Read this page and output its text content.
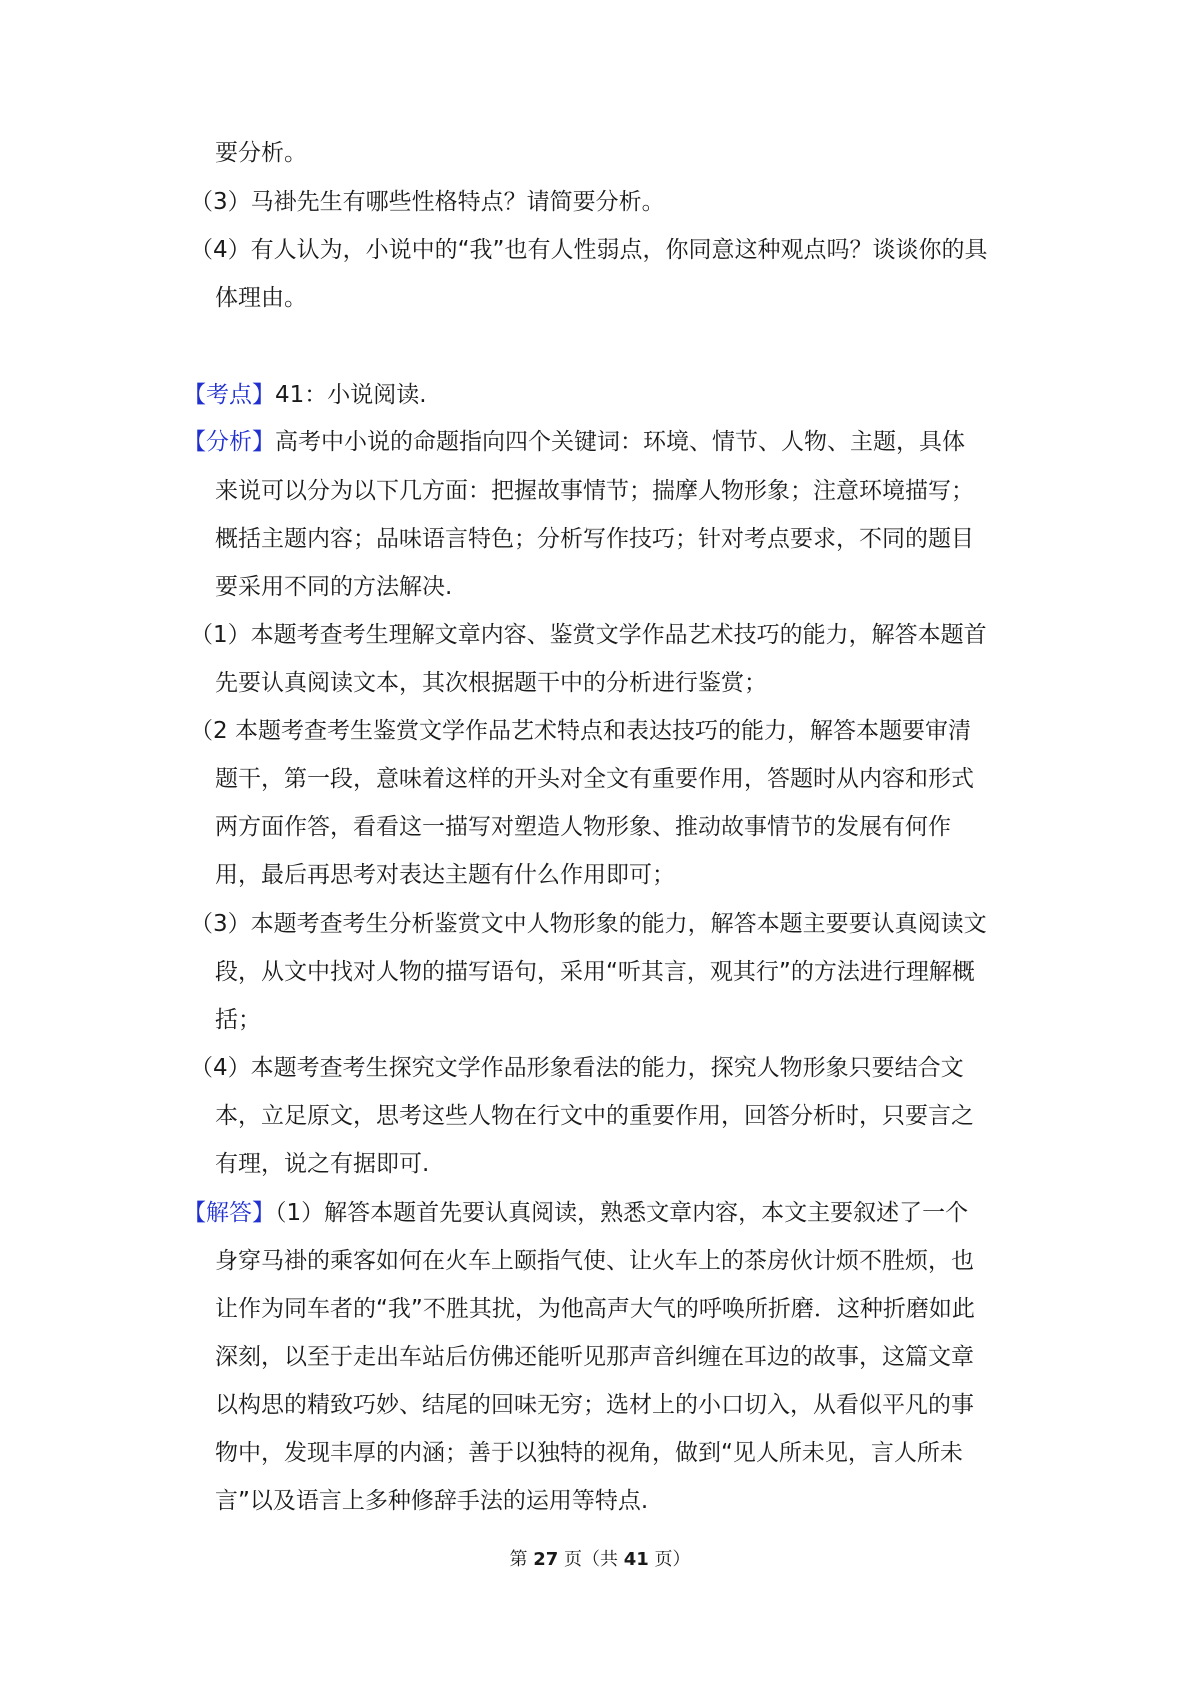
要分析。
（3）马褂先生有哪些性格特点？请简要分析。
（4）有人认为，小说中的“我”也有人性弱点，你同意这种观点吗？谈谈你的具
体理由。
【考点】41：小说阅读.
【分析】高考中小说的命题指向四个关键词：环境、情节、人物、主题，具体
来说可以分为以下几方面：把握故事情节；揣摩人物形象；注意环境描写；
概括主题内容；品味语言特色；分析写作技巧；针对考点要求，不同的题目
要采用不同的方法解决.
（1）本题考查考生理解文章内容、鉴赏文学作品艺术技巧的能力，解答本题首
先要认真阅读文本，其次根据题干中的分析进行鉴赏；
（2 本题考查考生鉴赏文学作品艺术特点和表达技巧的能力，解答本题要审清
题干，第一段，意味着这样的开头对全文有重要作用，答题时从内容和形式
两方面作答，看看这一描写对塑造人物形象、推动故事情节的发展有何作
用，最后再思考对表达主题有什么作用即可；
（3）本题考查考生分析鉴赏文中人物形象的能力，解答本题主要要认真阅读文
段，从文中找对人物的描写语句，采用“听其言，观其行”的方法进行理解概
括；
（4）本题考查考生探究文学作品形象看法的能力，探究人物形象只要结合文
本，立足原文，思考这些人物在行文中的重要作用，回答分析时，只要言之
有理，说之有据即可.
【解答】（1）解答本题首先要认真阅读，熟悉文章内容，本文主要叙述了一个
身穿马褂的乘客如何在火车上颐指气使、让火车上的茶房伙计烦不胜烦，也
让作为同车者的“我”不胜其扰，为他高声大气的呼唤所折磨．这种折磨如此
深刻，以至于走出车站后仿佛还能听见那声音纠缠在耳边的故事，这篇文章
以构思的精致巧妙、结尾的回味无穷；选材上的小口切入，从看似平凡的事
物中，发现丰厚的内涵；善于以独特的视角，做到“见人所未见，言人所未
言”以及语言上多种修辞手法的运用等特点.
第 27 页（共 41 页）
